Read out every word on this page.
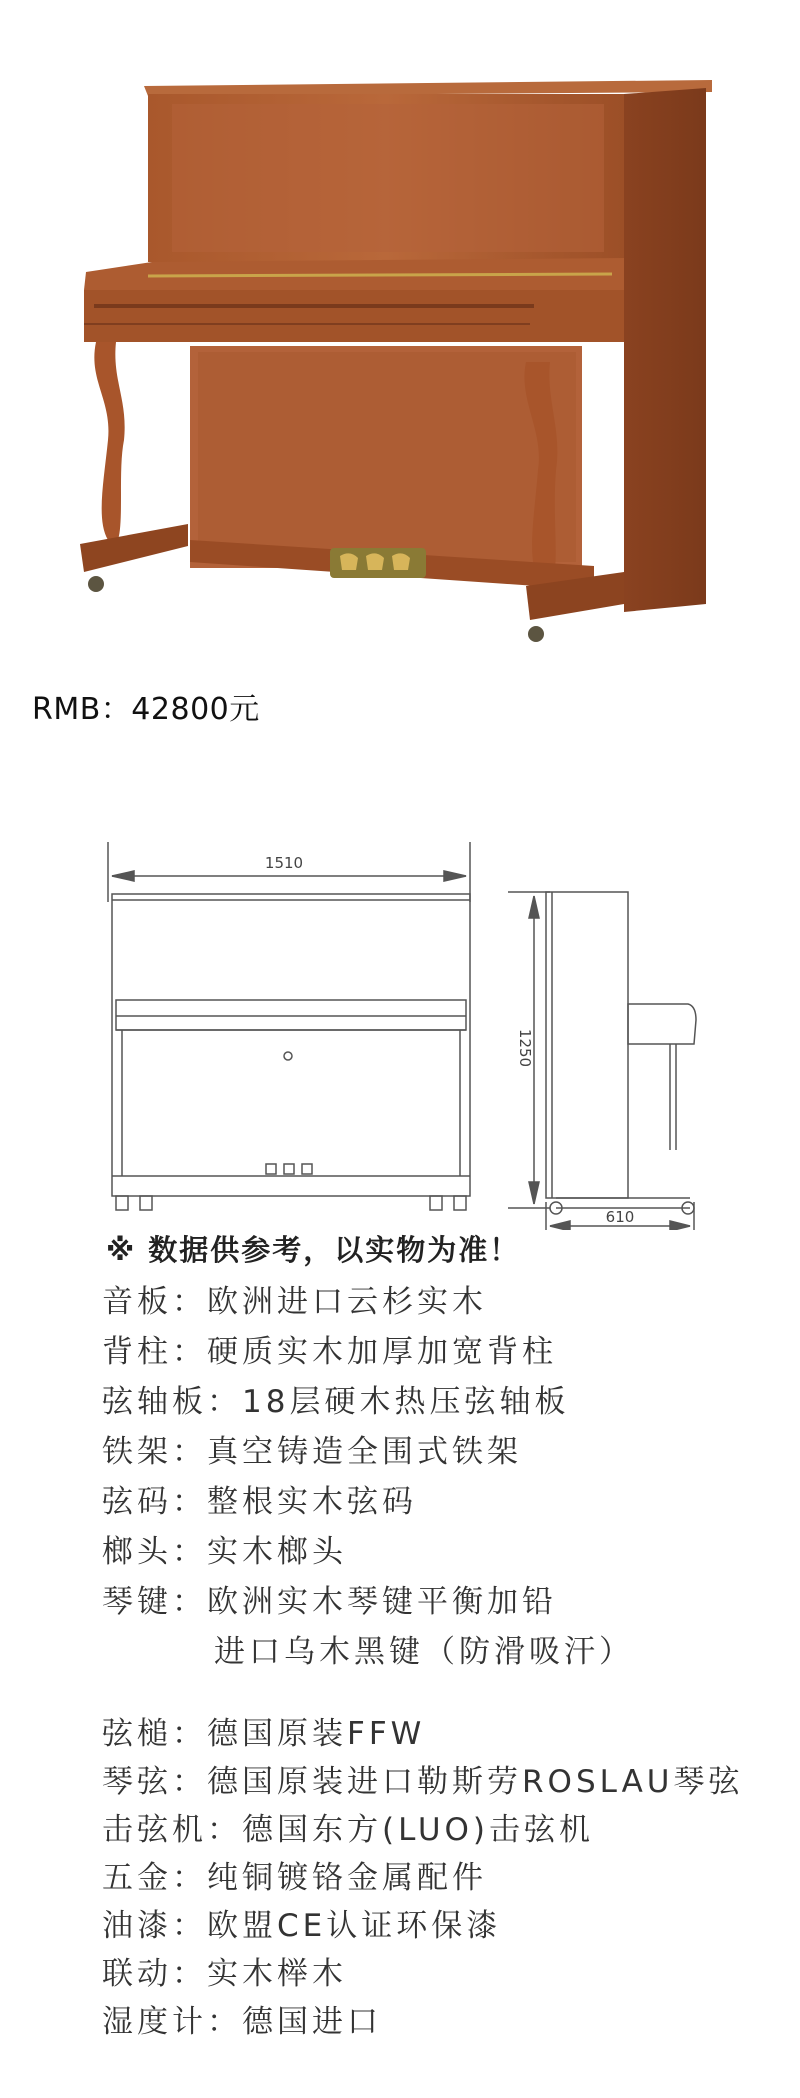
RMB：42800元
1510
1250
610
※ 数据供参考，以实物为准！
音板：欧洲进口云杉实木
背柱：硬质实木加厚加宽背柱
弦轴板：18层硬木热压弦轴板
铁架：真空铸造全围式铁架
弦码：整根实木弦码
榔头：实木榔头
琴键：欧洲实木琴键平衡加铅
进口乌木黑键（防滑吸汗）
弦槌：德国原装FFW
琴弦：德国原装进口勒斯劳ROSLAU琴弦
击弦机：德国东方(LUO)击弦机
五金：纯铜镀铬金属配件
油漆：欧盟CE认证环保漆
联动：实木榉木
湿度计：德国进口
